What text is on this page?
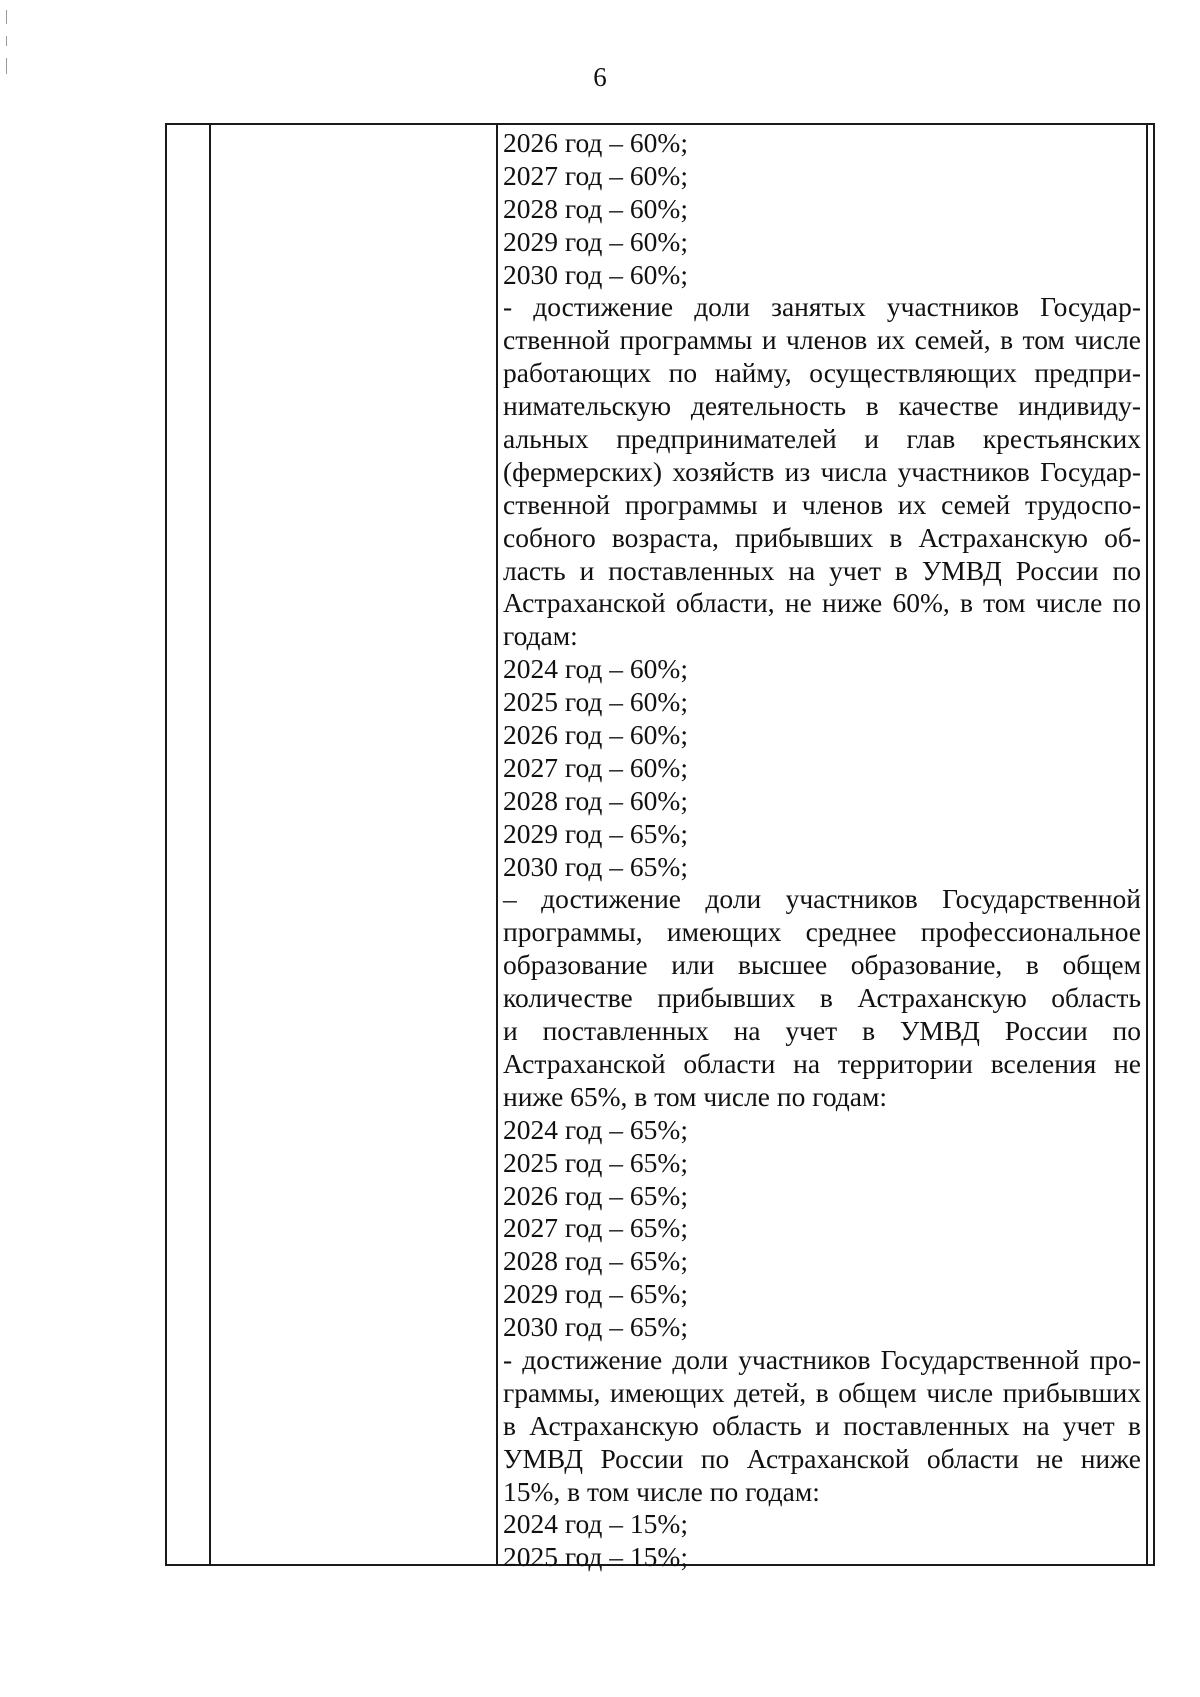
6
2026 год – 60%;
2027 год – 60%;
2028 год – 60%;
2029 год – 60%;
2030 год – 60%;
- достижение доли занятых участников Государ-
ственной программы и членов их семей, в том числе
работающих по найму, осуществляющих предпри-
нимательскую деятельность в качестве индивиду-
альных предпринимателей и глав крестьянских
(фермерских) хозяйств из числа участников Государ-
ственной программы и членов их семей трудоспо-
собного возраста, прибывших в Астраханскую об-
ласть и поставленных на учет в УМВД России по
Астраханской области, не ниже 60%, в том числе по
годам:
2024 год – 60%;
2025 год – 60%;
2026 год – 60%;
2027 год – 60%;
2028 год – 60%;
2029 год – 65%;
2030 год – 65%;
– достижение доли участников Государственной
программы, имеющих среднее профессиональное
образование или высшее образование, в общем
количестве прибывших в Астраханскую область
и поставленных на учет в УМВД России по
Астраханской области на территории вселения не
ниже 65%, в том числе по годам:
2024 год – 65%;
2025 год – 65%;
2026 год – 65%;
2027 год – 65%;
2028 год – 65%;
2029 год – 65%;
2030 год – 65%;
- достижение доли участников Государственной про-
граммы, имеющих детей, в общем числе прибывших
в Астраханскую область и поставленных на учет в
УМВД России по Астраханской области не ниже
15%, в том числе по годам:
2024 год – 15%;
2025 год – 15%;
